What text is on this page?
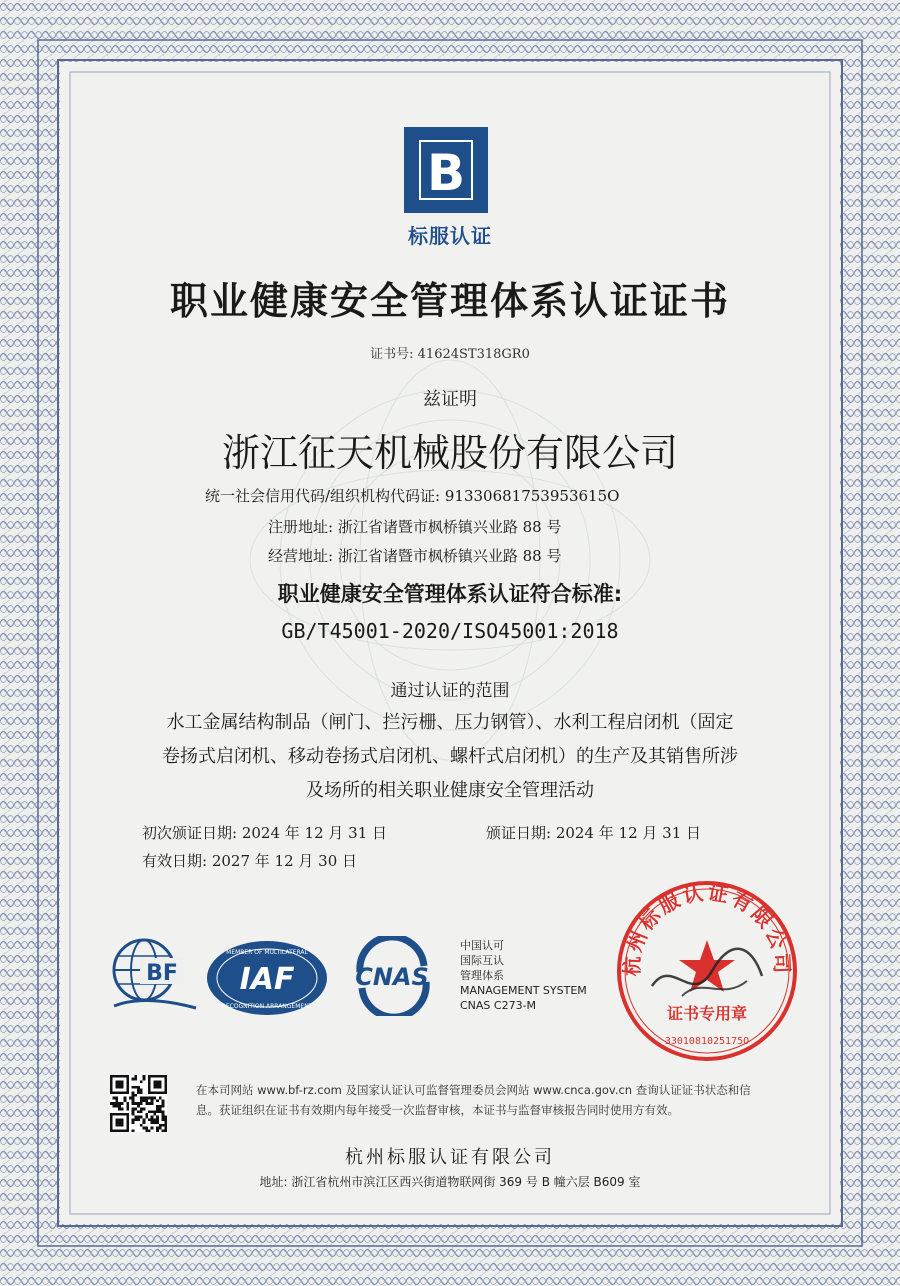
B
标服认证
职业健康安全管理体系认证证书
证书号: 41624ST318GR0
兹证明
浙江征天机械股份有限公司
统一社会信用代码/组织机构代码证: 91330681753953615O
注册地址: 浙江省诸暨市枫桥镇兴业路 88 号
经营地址: 浙江省诸暨市枫桥镇兴业路 88 号
职业健康安全管理体系认证符合标准:
GB/T45001-2020/ISO45001:2018
通过认证的范围
水工金属结构制品（闸门、拦污栅、压力钢管）、水利工程启闭机（固定
卷扬式启闭机、移动卷扬式启闭机、螺杆式启闭机）的生产及其销售所涉
及场所的相关职业健康安全管理活动
初次颁证日期: 2024 年 12 月 31 日	颁证日期: 2024 年 12 月 31 日
有效日期: 2027 年 12 月 30 日
BF IAF
MEMBER OF MULTILATERAL
RECOGNITION ARRANGEMENT
CNAS
中国认可
国际互认
管理体系
MANAGEMENT SYSTEM
CNAS C273-M
杭州标服认证有限公司
证书专用章
3301081025175O
在本司网站 www.bf-rz.com 及国家认证认可监督管理委员会网站 www.cnca.gov.cn 查询认证证书状态和信
息。获证组织在证书有效期内每年接受一次监督审核，本证书与监督审核报告同时使用方有效。
杭州标服认证有限公司
地址: 浙江省杭州市滨江区西兴街道物联网街 369 号 B 幢六层 B609 室
